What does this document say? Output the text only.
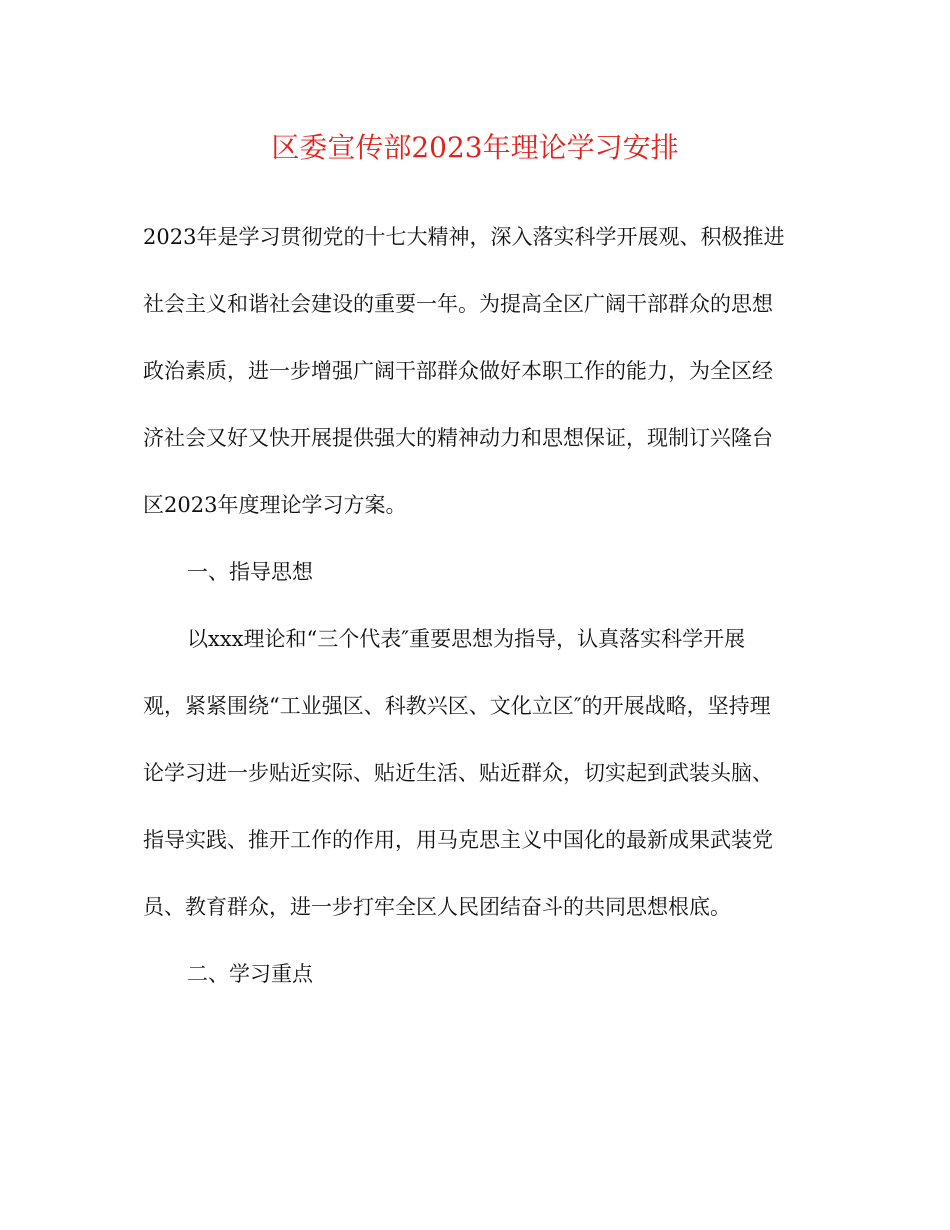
区委宣传部2023年理论学习安排
2023年是学习贯彻党的十七大精神，深入落实科学开展观、积极推进
社会主义和谐社会建设的重要一年。为提高全区广阔干部群众的思想
政治素质，进一步增强广阔干部群众做好本职工作的能力，为全区经
济社会又好又快开展提供强大的精神动力和思想保证，现制订兴隆台
区2023年度理论学习方案。
一、指导思想
以xxx理论和“三个代表″重要思想为指导，认真落实科学开展
观，紧紧围绕“工业强区、科教兴区、文化立区″的开展战略，坚持理
论学习进一步贴近实际、贴近生活、贴近群众，切实起到武装头脑、
指导实践、推开工作的作用，用马克思主义中国化的最新成果武装党
员、教育群众，进一步打牢全区人民团结奋斗的共同思想根底。
二、学习重点
